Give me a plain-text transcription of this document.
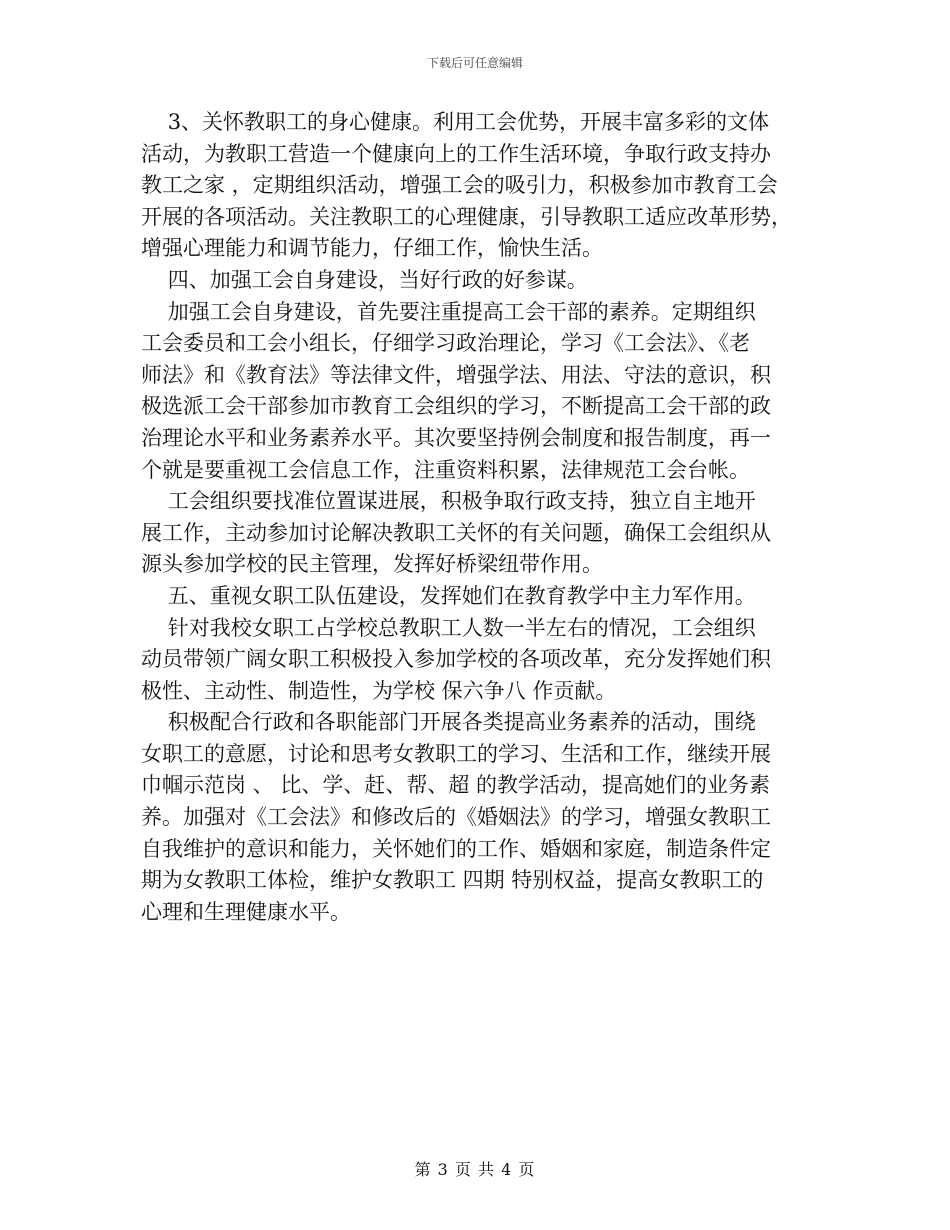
下载后可任意编辑
3、关怀教职工的身心健康。利用工会优势，开展丰富多彩的文体
活动，为教职工营造一个健康向上的工作生活环境，争取行政支持办
教工之家 ，定期组织活动，增强工会的吸引力，积极参加市教育工会
开展的各项活动。关注教职工的心理健康，引导教职工适应改革形势，
增强心理能力和调节能力，仔细工作，愉快生活。
四、加强工会自身建设，当好行政的好参谋。
加强工会自身建设，首先要注重提高工会干部的素养。定期组织
工会委员和工会小组长，仔细学习政治理论，学习《工会法》、《老
师法》和《教育法》等法律文件，增强学法、用法、守法的意识，积
极选派工会干部参加市教育工会组织的学习，不断提高工会干部的政
治理论水平和业务素养水平。其次要坚持例会制度和报告制度，再一
个就是要重视工会信息工作，注重资料积累，法律规范工会台帐。
工会组织要找准位置谋进展，积极争取行政支持，独立自主地开
展工作，主动参加讨论解决教职工关怀的有关问题，确保工会组织从
源头参加学校的民主管理，发挥好桥梁纽带作用。
五、重视女职工队伍建设，发挥她们在教育教学中主力军作用。
针对我校女职工占学校总教职工人数一半左右的情况，工会组织
动员带领广阔女职工积极投入参加学校的各项改革，充分发挥她们积
极性、主动性、制造性，为学校 保六争八 作贡献。
积极配合行政和各职能部门开展各类提高业务素养的活动，围绕
女职工的意愿，讨论和思考女教职工的学习、生活和工作，继续开展
巾帼示范岗 、 比、学、赶、帮、超 的教学活动，提高她们的业务素
养。加强对《工会法》和修改后的《婚姻法》的学习，增强女教职工
自我维护的意识和能力，关怀她们的工作、婚姻和家庭，制造条件定
期为女教职工体检，维护女教职工 四期 特别权益，提高女教职工的
心理和生理健康水平。
第 3 页 共 4 页
